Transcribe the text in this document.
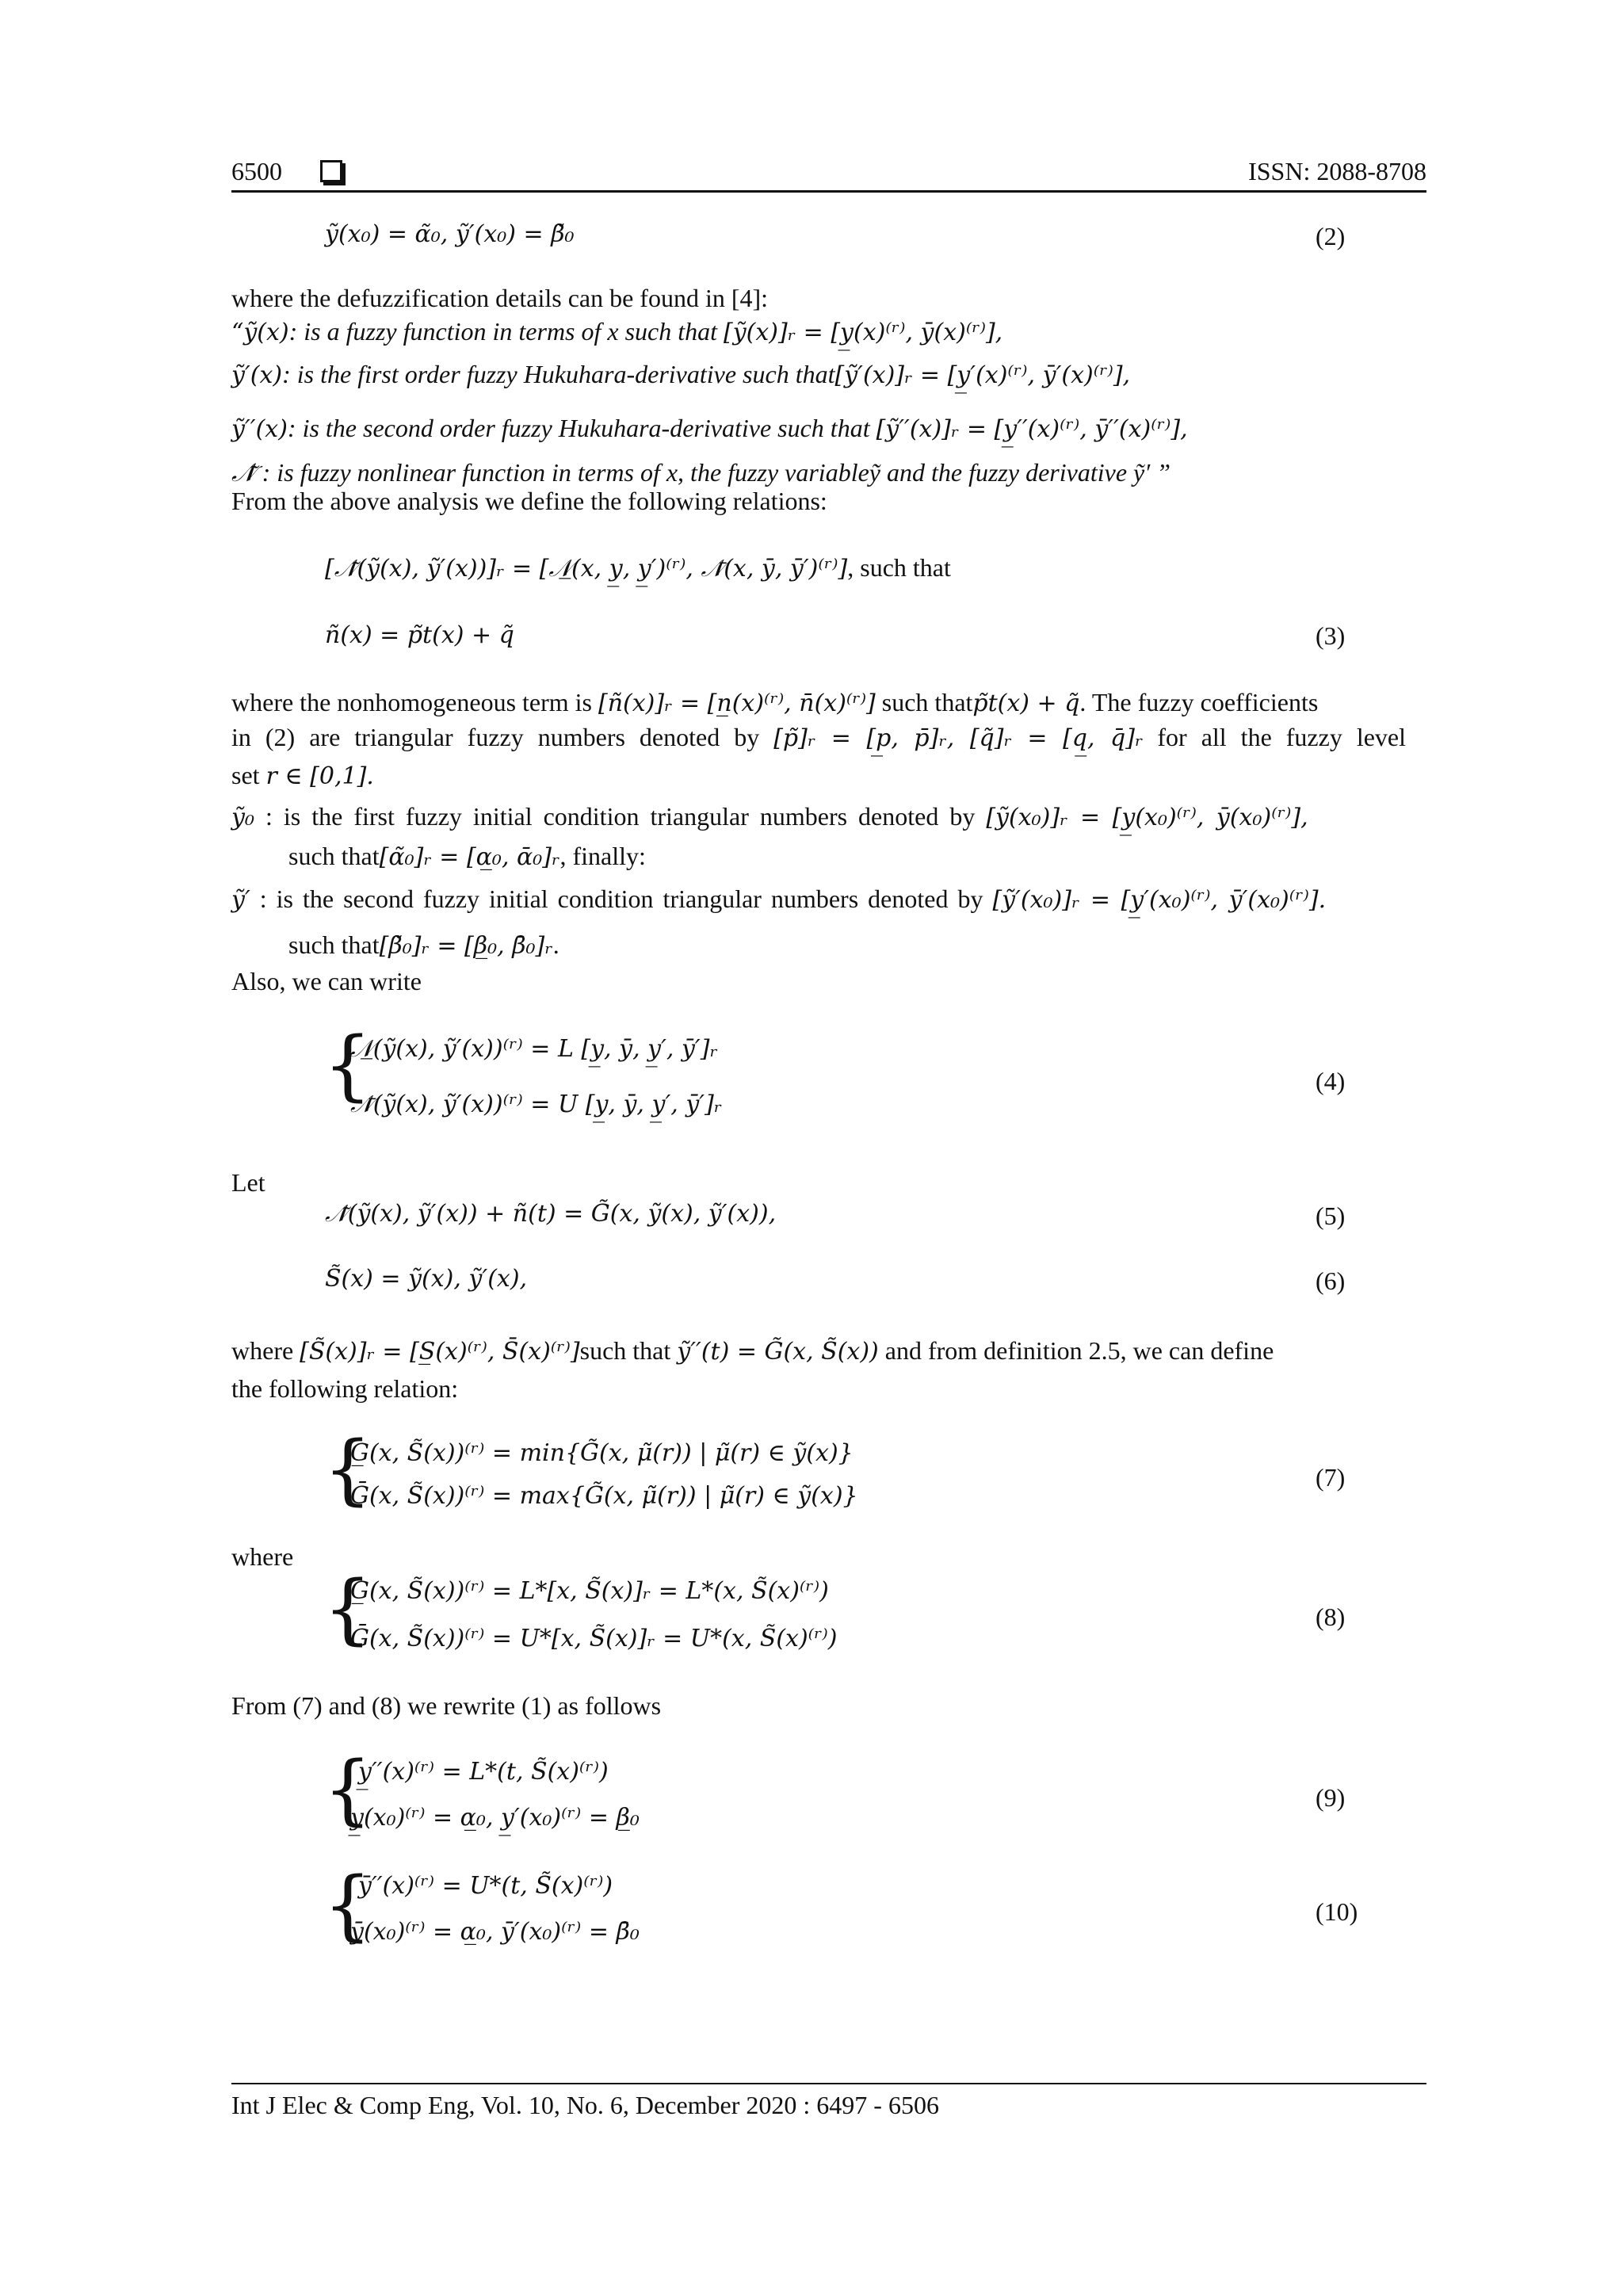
6500	ISSN: 2088-8708
ỹ(x₀) = α̃₀, ỹ′(x₀) = β̃₀	(2)
where the defuzzification details can be found in [4]:
“ỹ(x): is a fuzzy function in terms of x such that [ỹ(x)]ᵣ = [y̲(x)⁽ʳ⁾, ȳ(x)⁽ʳ⁾],
ỹ′(x): is the first order fuzzy Hukuhara-derivative such that[ỹ′(x)]ᵣ = [y̲′(x)⁽ʳ⁾, ȳ′(x)⁽ʳ⁾],
ỹ′′(x): is the second order fuzzy Hukuhara-derivative such that [ỹ′′(x)]ᵣ = [y̲′′(x)⁽ʳ⁾, ȳ′′(x)⁽ʳ⁾],
𝒩̃ : is fuzzy nonlinear function in terms of x, the fuzzy variableỹ and the fuzzy derivative ỹ′ ”
From the above analysis we define the following relations:
[𝒩̃(ỹ(x), ỹ′(x))]ᵣ = [𝒩̲(x, y̲, y̲′)⁽ʳ⁾, 𝒩̄(x, ȳ, ȳ′)⁽ʳ⁾], such that
ñ(x) = p̃t(x) + q̃	(3)
where the nonhomogeneous term is [ñ(x)]ᵣ = [n̲(x)⁽ʳ⁾, n̄(x)⁽ʳ⁾] such thatp̃t(x) + q̃. The fuzzy coefficients
in (2) are triangular fuzzy numbers denoted by [p̃]ᵣ = [p̲, p̄]ᵣ, [q̃]ᵣ = [q̲, q̄]ᵣ for all the fuzzy level
set r ∈ [0,1].
ỹ₀ : is the first fuzzy initial condition triangular numbers denoted by [ỹ(x₀)]ᵣ = [y̲(x₀)⁽ʳ⁾, ȳ(x₀)⁽ʳ⁾],
such that[α̃₀]ᵣ = [α̲₀, ᾱ₀]ᵣ, finally:
ỹ′ : is the second fuzzy initial condition triangular numbers denoted by [ỹ′(x₀)]ᵣ = [y̲′(x₀)⁽ʳ⁾, ȳ′(x₀)⁽ʳ⁾].
such that[β̃₀]ᵣ = [β̲₀, β̄₀]ᵣ.
Also, we can write
{
𝒩̲(ỹ(x), ỹ′(x))⁽ʳ⁾ = L [y̲, ȳ, y̲′, ȳ′]ᵣ
𝒩̄(ỹ(x), ỹ′(x))⁽ʳ⁾ = U [y̲, ȳ, y̲′, ȳ′]ᵣ
(4)
Let
𝒩̃(ỹ(x), ỹ′(x)) + ñ(t) = G̃(x, ỹ(x), ỹ′(x)),	(5)
S̃(x) = ỹ(x), ỹ′(x),	(6)
where [S̃(x)]ᵣ = [S̲(x)⁽ʳ⁾, S̄(x)⁽ʳ⁾]such that ỹ′′(t) = G̃(x, S̃(x)) and from definition 2.5, we can define
the following relation:
{
G̲(x, S̃(x))⁽ʳ⁾ = min{G̃(x, μ̃(r)) | μ̃(r) ∈ ỹ(x)}
Ḡ(x, S̃(x))⁽ʳ⁾ = max{G̃(x, μ̃(r)) | μ̃(r) ∈ ỹ(x)}
(7)
where
{
G̲(x, S̃(x))⁽ʳ⁾ = L*[x, S̃(x)]ᵣ = L*(x, S̃(x)⁽ʳ⁾)
Ḡ(x, S̃(x))⁽ʳ⁾ = U*[x, S̃(x)]ᵣ = U*(x, S̃(x)⁽ʳ⁾)
(8)
From (7) and (8) we rewrite (1) as follows
{
y̲′′(x)⁽ʳ⁾ = L*(t, S̃(x)⁽ʳ⁾)
y̲(x₀)⁽ʳ⁾ = α̲₀, y̲′(x₀)⁽ʳ⁾ = β̲₀
(9)
{
ȳ′′(x)⁽ʳ⁾ = U*(t, S̃(x)⁽ʳ⁾)
ȳ(x₀)⁽ʳ⁾ = α̲₀, ȳ′(x₀)⁽ʳ⁾ = β̄₀
(10)
Int J Elec & Comp Eng, Vol. 10, No. 6, December 2020 : 6497 - 6506
